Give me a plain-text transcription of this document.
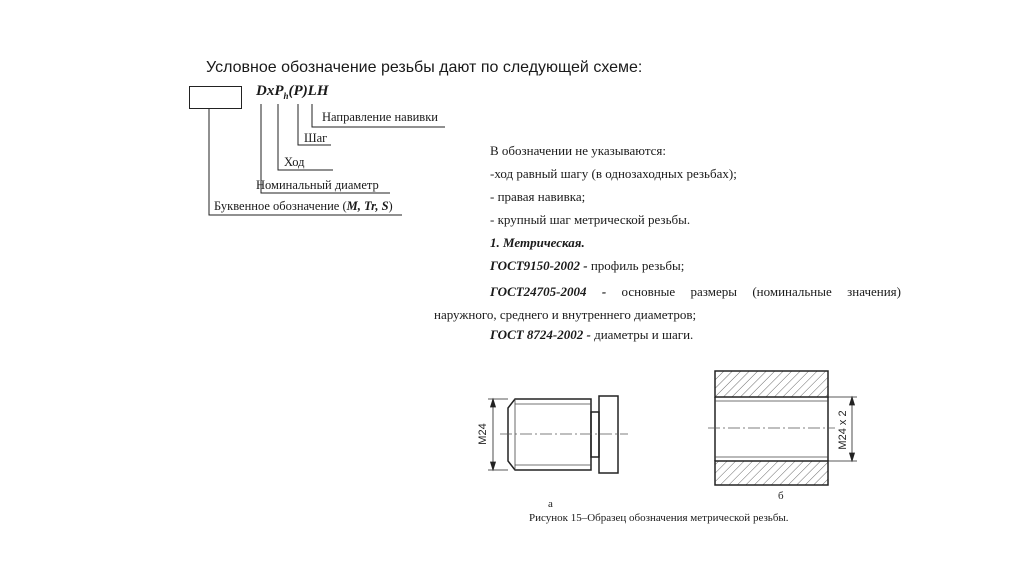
Условное обозначение резьбы дают по следующей схеме:
DxP$_h$(P)LH
Направление навивки
Шаг
Ход
Номинальный диаметр
Буквенное обозначение (M, Tr, S)
В обозначении не указываются:
-ход равный шагу (в однозаходных резьбах);
- правая навивка;
- крупный шаг метрической резьбы.
1. Метрическая.
ГОСТ9150-2002 - профиль резьбы;
ГОСТ24705-2004 - основные размеры (номинальные значения) наружного, среднего и внутреннего диаметров;
ГОСТ 8724-2002 - диаметры и шаги.
M24	M24 x 2
а
б
Рисунок 15–Образец обозначения метрической резьбы.
